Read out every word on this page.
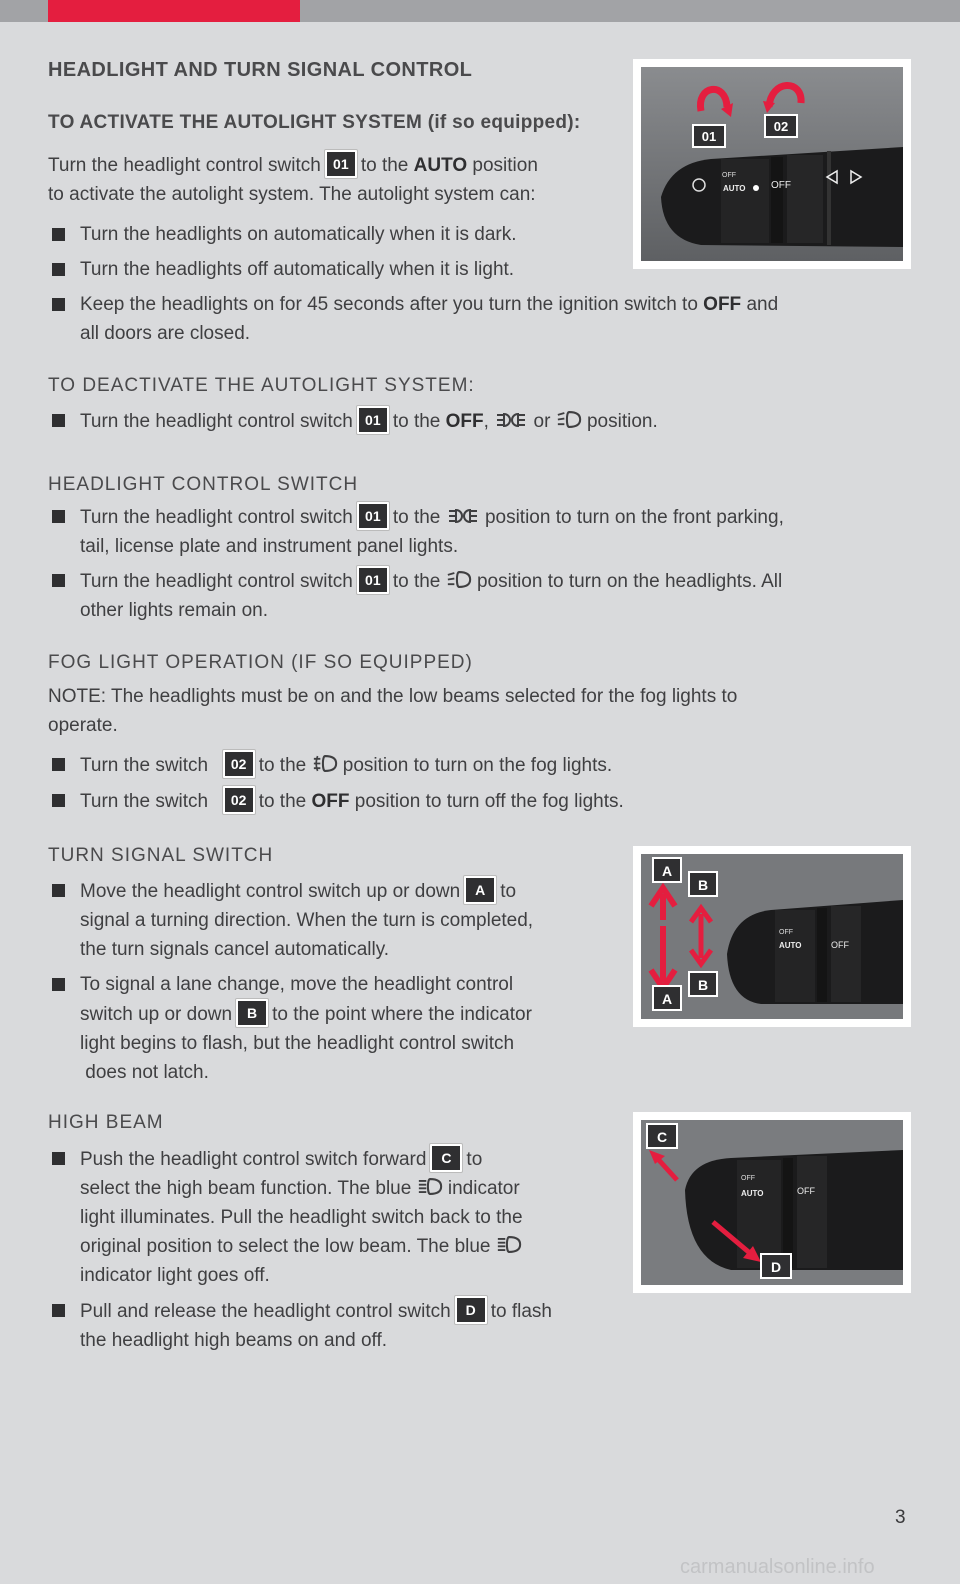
HEADLIGHT AND TURN SIGNAL CONTROL
TO ACTIVATE THE AUTOLIGHT SYSTEM (if so equipped):

Turn the headlight control switch 01 to the AUTO position
to activate the autolight system. The autolight system can:

Turn the headlights on automatically when it is dark.

Turn the headlights off automatically when it is light.

Keep the headlights on for 45 seconds after you turn the ignition switch to OFF and
all doors are closed.

TO DEACTIVATE THE AUTOLIGHT SYSTEM:

Turn the headlight control switch 01 to the OFF, or position.

HEADLIGHT CONTROL SWITCH

Turn the headlight control switch 01 to the position to turn on the front parking,
tail, license plate and instrument panel lights.

Turn the headlight control switch 01 to the position to turn on the headlights. All
other lights remain on.

FOG LIGHT OPERATION (IF SO EQUIPPED)

NOTE: The headlights must be on and the low beams selected for the fog lights to
operate.

Turn the switch 02 to the position to turn on the fog lights.

Turn the switch 02 to the OFF position to turn off the fog lights.

TURN SIGNAL SWITCH

Move the headlight control switch up or down A to
signal a turning direction. When the turn is completed,
the turn signals cancel automatically.

To signal a lane change, move the headlight control
switch up or down B to the point where the indicator
light begins to flash, but the headlight control switch
does not latch.

HIGH BEAM

Push the headlight control switch forward C to
select the high beam function. The blue indicator
light illuminates. Pull the headlight switch back to the
original position to select the low beam. The blue
indicator light goes off.

Pull and release the headlight control switch D to flash
the headlight high beams on and off.

OFF
AUTO	OFF
01
02
OFF
AUTO	OFF
A
B
A
B
OFF
AUTO	OFF
C
D
3
carmanualsonline.info
